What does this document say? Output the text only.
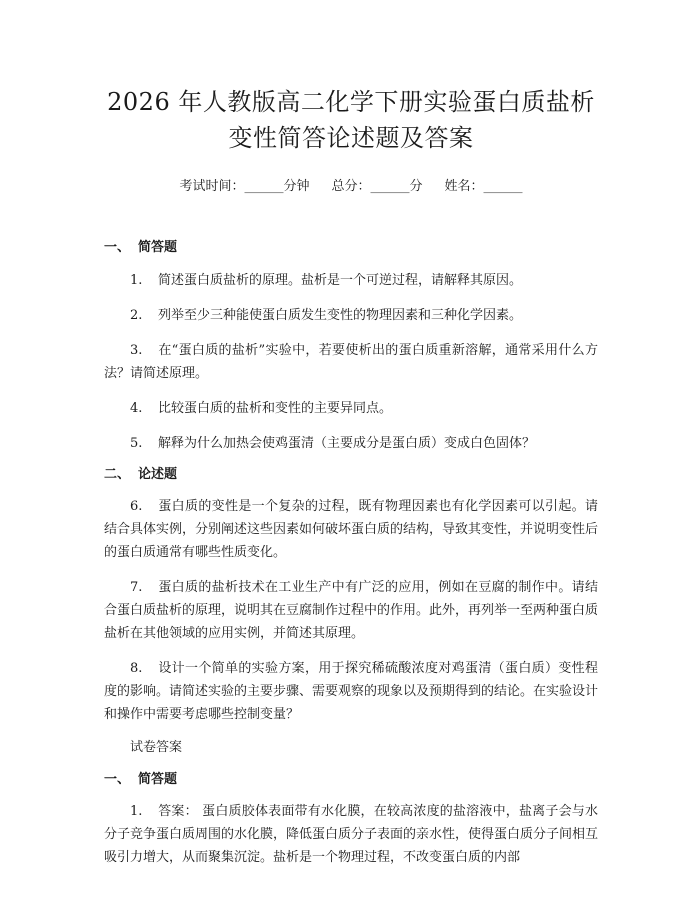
2026 年人教版高二化学下册实验蛋白质盐析
变性简答论述题及答案
考试时间：______分钟 总分：______分 姓名：______

一、 简答题

1. 简述蛋白质盐析的原理。盐析是一个可逆过程，请解释其原因。

2. 列举至少三种能使蛋白质发生变性的物理因素和三种化学因素。

3. 在“蛋白质的盐析”实验中，若要使析出的蛋白质重新溶解，通常采用什么方法？请简述原理。

4. 比较蛋白质的盐析和变性的主要异同点。

5. 解释为什么加热会使鸡蛋清（主要成分是蛋白质）变成白色固体？

二、 论述题

6. 蛋白质的变性是一个复杂的过程，既有物理因素也有化学因素可以引起。请结合具体实例，分别阐述这些因素如何破坏蛋白质的结构，导致其变性，并说明变性后的蛋白质通常有哪些性质变化。

7. 蛋白质的盐析技术在工业生产中有广泛的应用，例如在豆腐的制作中。请结合蛋白质盐析的原理，说明其在豆腐制作过程中的作用。此外，再列举一至两种蛋白质盐析在其他领域的应用实例，并简述其原理。

8. 设计一个简单的实验方案，用于探究稀硫酸浓度对鸡蛋清（蛋白质）变性程度的影响。请简述实验的主要步骤、需要观察的现象以及预期得到的结论。在实验设计和操作中需要考虑哪些控制变量？

试卷答案

一、 简答题

1. 答案： 蛋白质胶体表面带有水化膜，在较高浓度的盐溶液中，盐离子会与水分子竞争蛋白质周围的水化膜，降低蛋白质分子表面的亲水性，使得蛋白质分子间相互吸引力增大，从而聚集沉淀。盐析是一个物理过程，不改变蛋白质的内部
